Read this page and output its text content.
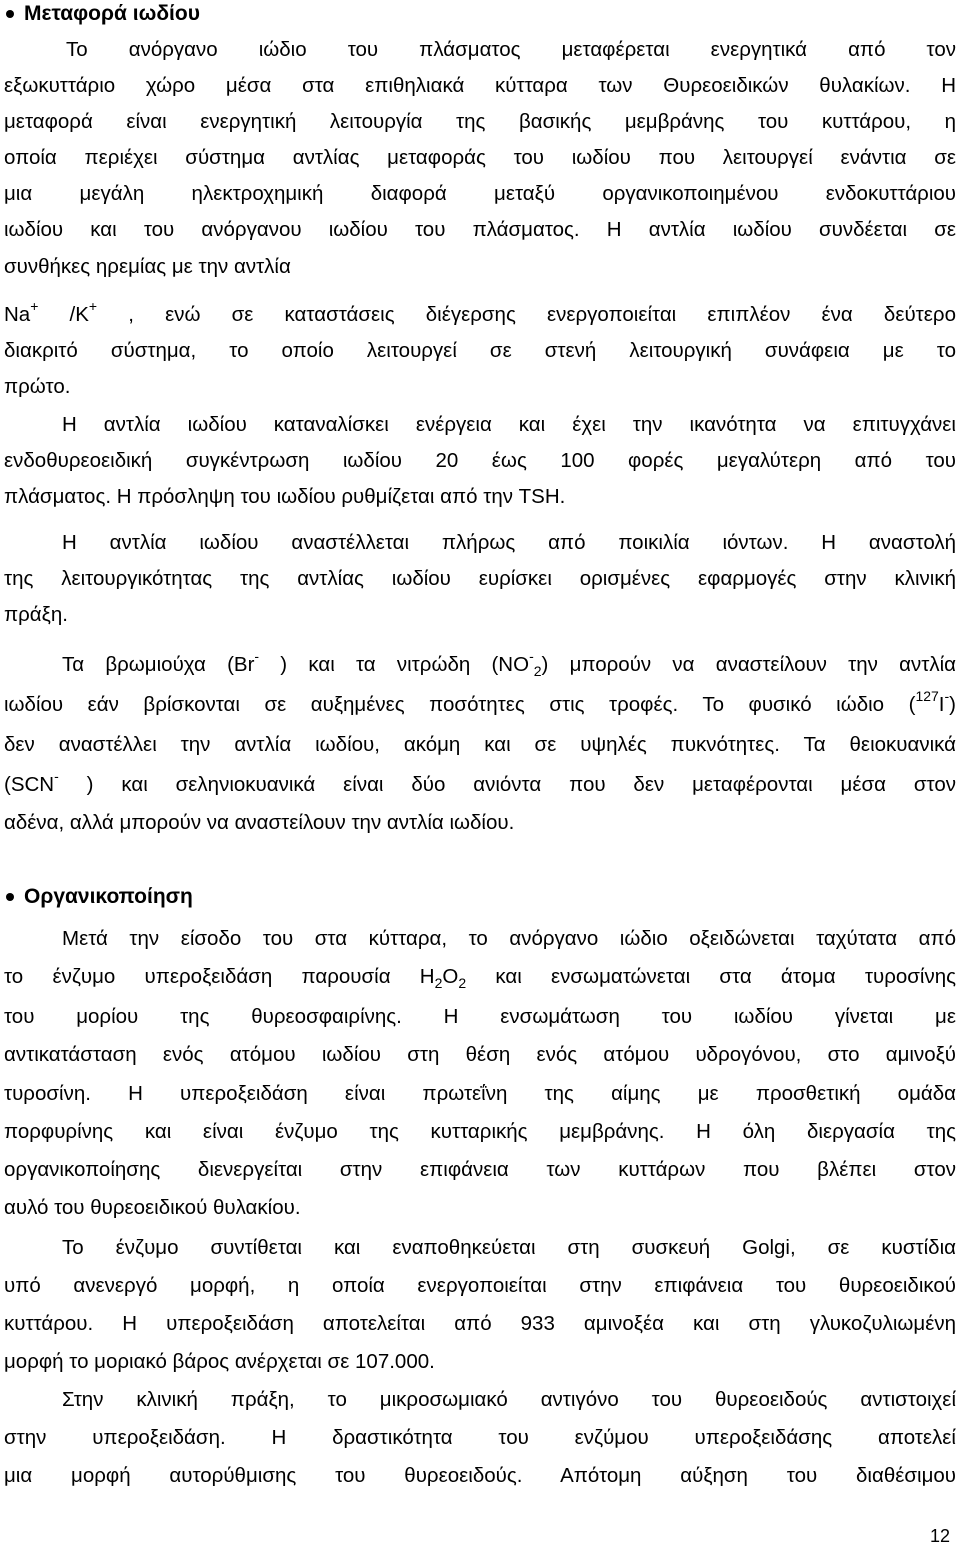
Μεταφορά ιωδίου
Το ανόργανο ιώδιο του πλάσματος μεταφέρεται ενεργητικά από τον
εξωκυττάριο χώρο μέσα στα επιθηλιακά κύτταρα των Θυρεοειδικών θυλακίων. Η
μεταφορά είναι ενεργητική λειτουργία της βασικής μεμβράνης του κυττάρου, η
οποία περιέχει σύστημα αντλίας μεταφοράς του ιωδίου που λειτουργεί ενάντια σε
μια μεγάλη ηλεκτροχημική διαφορά μεταξύ οργανικοποιημένου ενδοκυττάριου
ιωδίου και του ανόργανου ιωδίου του πλάσματος. Η αντλία ιωδίου συνδέεται σε
συνθήκες ηρεμίας με την αντλία
Na+ /K+ , ενώ σε καταστάσεις διέγερσης ενεργοποιείται επιπλέον ένα δεύτερο
διακριτό σύστημα, το οποίο λειτουργεί σε στενή λειτουργική συνάφεια με το
πρώτο.
Η αντλία ιωδίου καταναλίσκει ενέργεια και έχει την ικανότητα να επιτυγχάνει
ενδοθυρεοειδική συγκέντρωση ιωδίου 20 έως 100 φορές μεγαλύτερη από του
πλάσματος. Η πρόσληψη του ιωδίου ρυθμίζεται από την TSH.
Η αντλία ιωδίου αναστέλλεται πλήρως από ποικιλία ιόντων. Η αναστολή
της λειτουργικότητας της αντλίας ιωδίου ευρίσκει ορισμένες εφαρμογές στην κλινική
πράξη.
Τα βρωμιούχα (Br- ) και τα νιτρώδη $(NO^-_2)$ μπορούν να αναστείλουν την αντλία
ιωδίου εάν βρίσκονται σε αυξημένες ποσότητες στις τροφές. Το φυσικό ιώδιο ($^{127}$I-)
δεν αναστέλλει την αντλία ιωδίου, ακόμη και σε υψηλές πυκνότητες. Τα θειοκυανικά
(SCN- ) και σεληνιοκυανικά είναι δύο ανιόντα που δεν μεταφέρονται μέσα στον
αδένα, αλλά μπορούν να αναστείλουν την αντλία ιωδίου.
Οργανικοποίηση
Μετά την είσοδο του στα κύτταρα, το ανόργανο ιώδιο οξειδώνεται ταχύτατα από
το ένζυμο υπεροξειδάση παρουσία $H_2O_2$ και ενσωματώνεται στα άτομα τυροσίνης
του μορίου της θυρεοσφαιρίνης. Η ενσωμάτωση του ιωδίου γίνεται με
αντικατάσταση ενός ατόμου ιωδίου στη θέση ενός ατόμου υδρογόνου, στο αμινοξύ
τυροσίνη. Η υπεροξειδάση είναι πρωτεΐνη της αίμης με προσθετική ομάδα
πορφυρίνης και είναι ένζυμο της κυτταρικής μεμβράνης. Η όλη διεργασία της
οργανικοποίησης διενεργείται στην επιφάνεια των κυττάρων που βλέπει στον
αυλό του θυρεοειδικού θυλακίου.
Το ένζυμο συντίθεται και εναποθηκεύεται στη συσκευή Golgi, σε κυστίδια
υπό ανενεργό μορφή, η οποία ενεργοποιείται στην επιφάνεια του θυρεοειδικού
κυττάρου. Η υπεροξειδάση αποτελείται από 933 αμινοξέα και στη γλυκοζυλιωμένη
μορφή το μοριακό βάρος ανέρχεται σε 107.000.
Στην κλινική πράξη, το μικροσωμιακό αντιγόνο του θυρεοειδούς αντιστοιχεί
στην υπεροξειδάση. Η δραστικότητα του ενζύμου υπεροξειδάσης αποτελεί
μια μορφή αυτορύθμισης του θυρεοειδούς. Απότομη αύξηση του διαθέσιμου
12
